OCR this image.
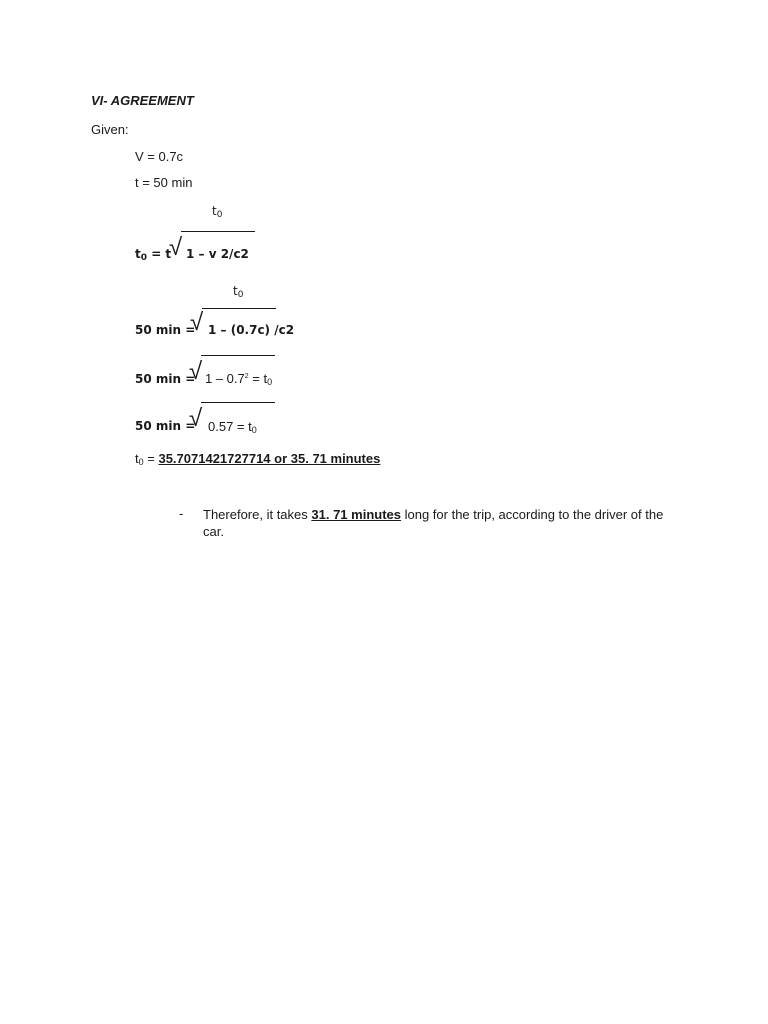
VI- AGREEMENT
Given:
V = 0.7c
t = 50 min
$t_0$
$t_0 = t$
√ 1 – v 2/c2
$t_0$
50 min =
√ 1 – (0.7c) /c2
50 min =
√ $1 - 0.7^2 = t_0$
50 min =
√ $0.57 = t_0$
$t_0 = 35.7071421727714$ or 35. 71 minutes
- Therefore, it takes 31. 71 minutes long for the trip, according to the driver of the car.
